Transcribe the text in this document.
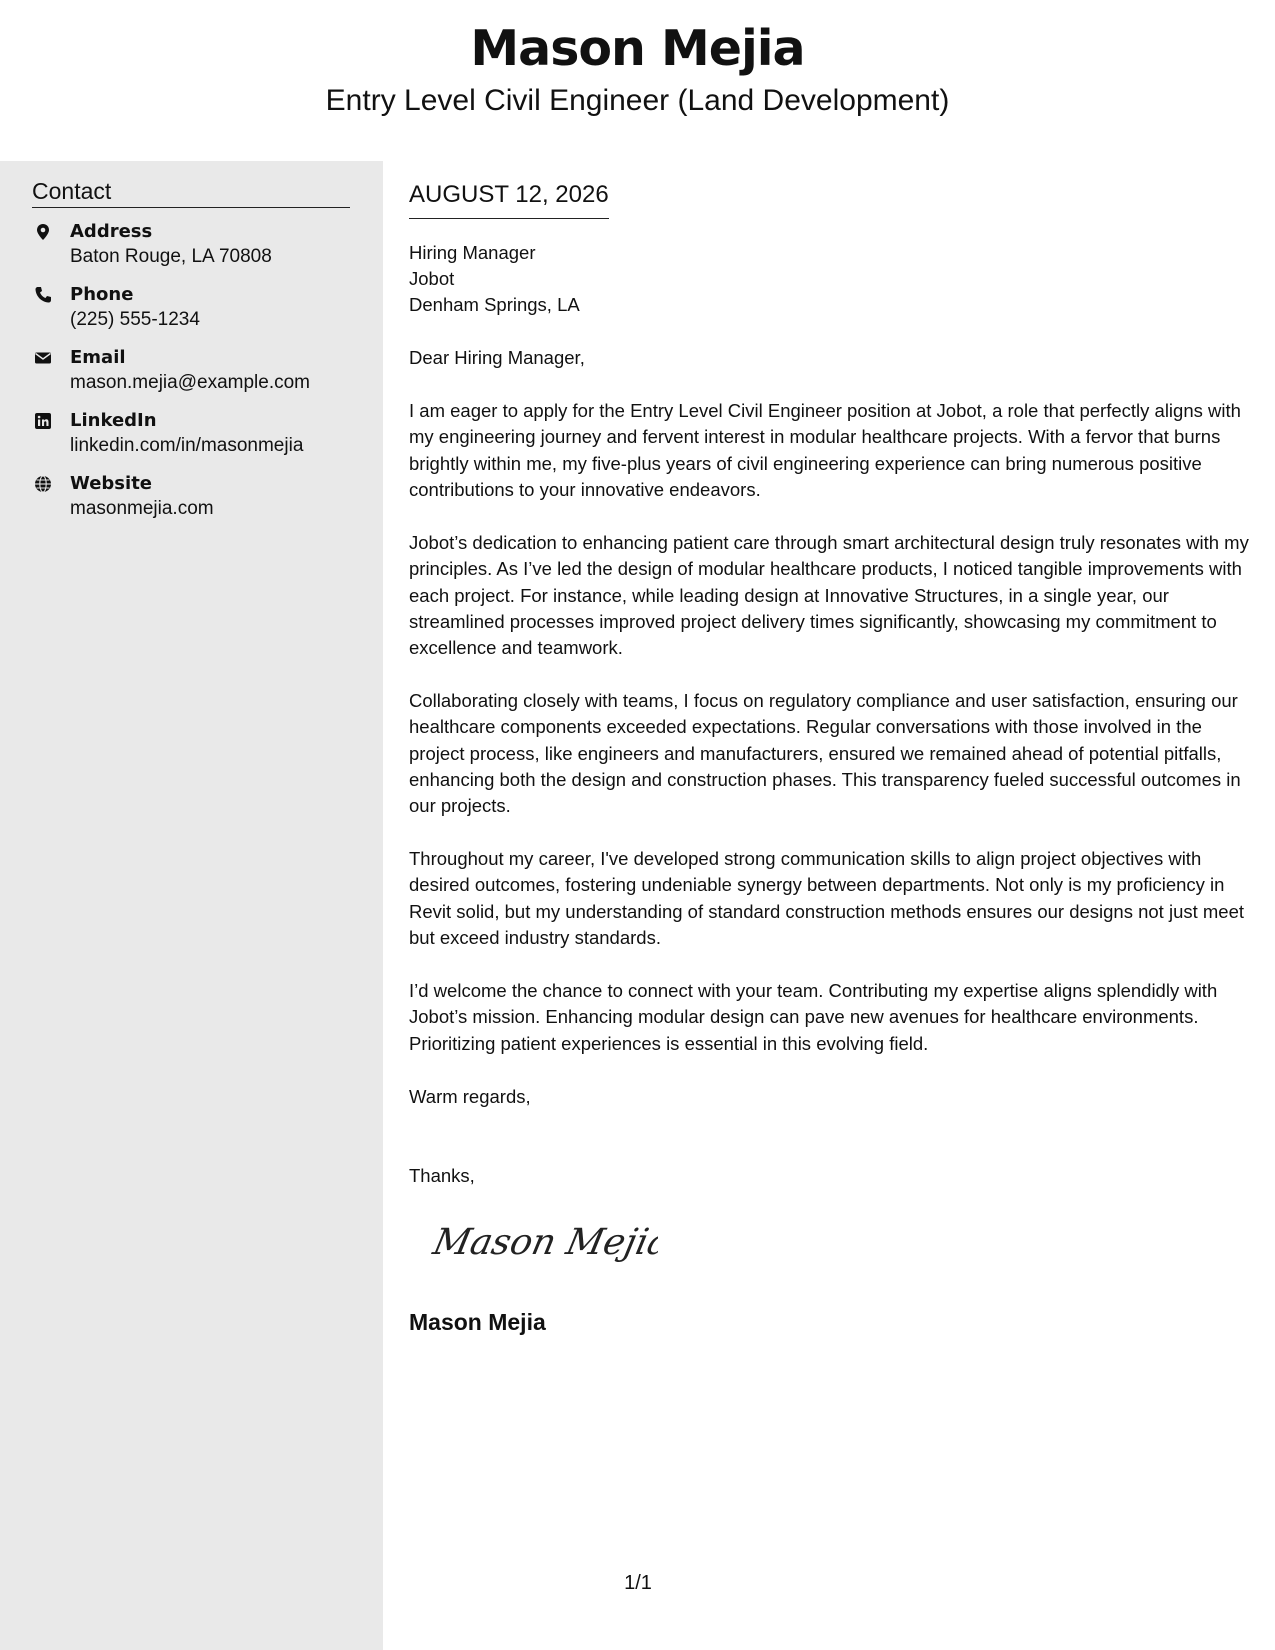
Mason Mejia
Entry Level Civil Engineer (Land Development)
Contact
Address
Baton Rouge, LA 70808
Phone
(225) 555-1234
Email
mason.mejia@example.com
LinkedIn
linkedin.com/in/masonmejia
Website
masonmejia.com
AUGUST 12, 2026
Hiring Manager
Jobot
Denham Springs, LA
Dear Hiring Manager,
I am eager to apply for the Entry Level Civil Engineer position at Jobot, a role that perfectly aligns with my engineering journey and fervent interest in modular healthcare projects. With a fervor that burns brightly within me, my five-plus years of civil engineering experience can bring numerous positive contributions to your innovative endeavors.
Jobot’s dedication to enhancing patient care through smart architectural design truly resonates with my principles. As I’ve led the design of modular healthcare products, I noticed tangible improvements with each project. For instance, while leading design at Innovative Structures, in a single year, our streamlined processes improved project delivery times significantly, showcasing my commitment to excellence and teamwork.
Collaborating closely with teams, I focus on regulatory compliance and user satisfaction, ensuring our healthcare components exceeded expectations. Regular conversations with those involved in the project process, like engineers and manufacturers, ensured we remained ahead of potential pitfalls, enhancing both the design and construction phases. This transparency fueled successful outcomes in our projects.
Throughout my career, I've developed strong communication skills to align project objectives with desired outcomes, fostering undeniable synergy between departments. Not only is my proficiency in Revit solid, but my understanding of standard construction methods ensures our designs not just meet but exceed industry standards.
I’d welcome the chance to connect with your team. Contributing my expertise aligns splendidly with Jobot’s mission. Enhancing modular design can pave new avenues for healthcare environments. Prioritizing patient experiences is essential in this evolving field.
Warm regards,
Thanks,
Mason Mejia
Mason Mejia
1/1
